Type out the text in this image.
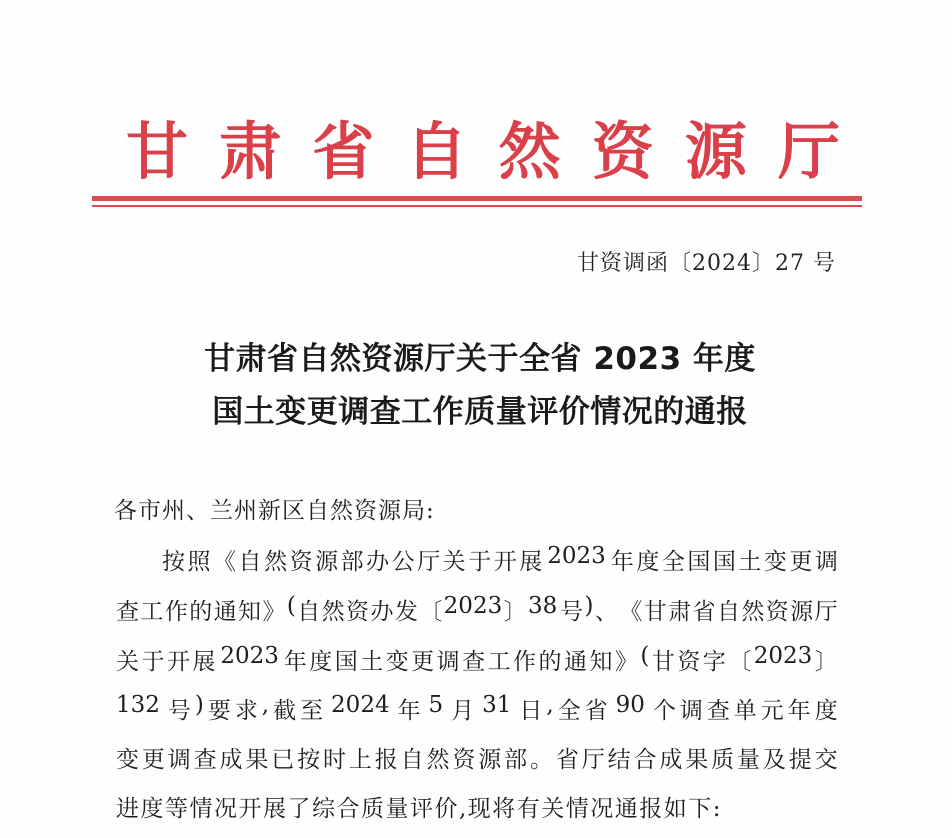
甘 肃 省 自 然 资 源 厅
甘资调函〔2024〕27 号
甘肃省自然资源厅关于全省 2023 年度
国土变更调查工作质量评价情况的通报
各市州、兰州新区自然资源局:
按 照 《 自 然 资 源 部 办 公 厅 关 于 开 展 2023 年 度 全 国 国 土 变 更 调
查 工 作 的 通 知 》 ( 自 然 资 办 发 〔 2023 〕 38 号 ) 、 《 甘 肃 省 自 然 资 源 厅
关 于 开 展 2023 年 度 国 土 变 更 调 查 工 作 的 通 知 》 ( 甘 资 字 〔 2023 〕
132 号 ) 要 求 , 截 至 2024 年 5 月 31 日 , 全 省 90 个 调 查 单 元 年 度
变 更 调 查 成 果 已 按 时 上 报 自 然 资 源 部 。 省 厅 结 合 成 果 质 量 及 提 交
进度等情况开展了综合质量评价,现将有关情况通报如下:
